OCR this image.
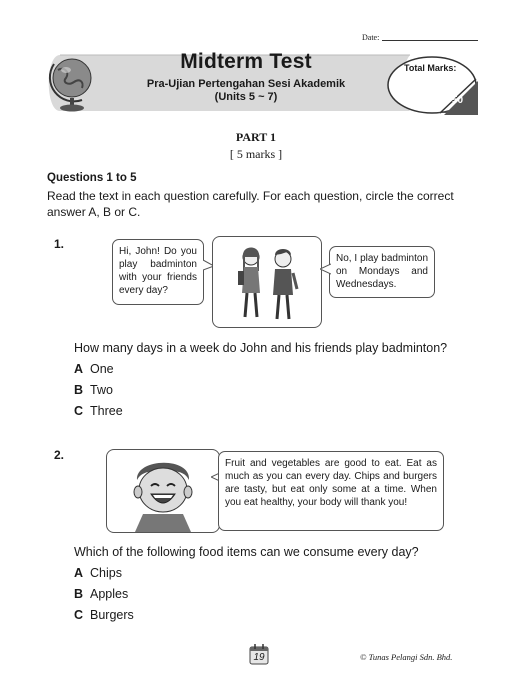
Date:
Midterm Test
Pra-Ujian Pertengahan Sesi Akademik
(Units 5 ~ 7)
Total Marks:
50
PART 1
[ 5 marks ]
Questions 1 to 5
Read the text in each question carefully. For each question, circle the correct answer A, B or C.
1.
Hi, John! Do you play badminton with your friends every day?
No, I play badminton on Mondays and Wednesdays.
How many days in a week do John and his friends play badminton?
A One
B Two
C Three
2.
Fruit and vegetables are good to eat. Eat as much as you can every day. Chips and burgers are tasty, but eat only some at a time. When you eat healthy, your body will thank you!
Which of the following food items can we consume every day?
A Chips
B Apples
C Burgers
19	© Tunas Pelangi Sdn. Bhd.
